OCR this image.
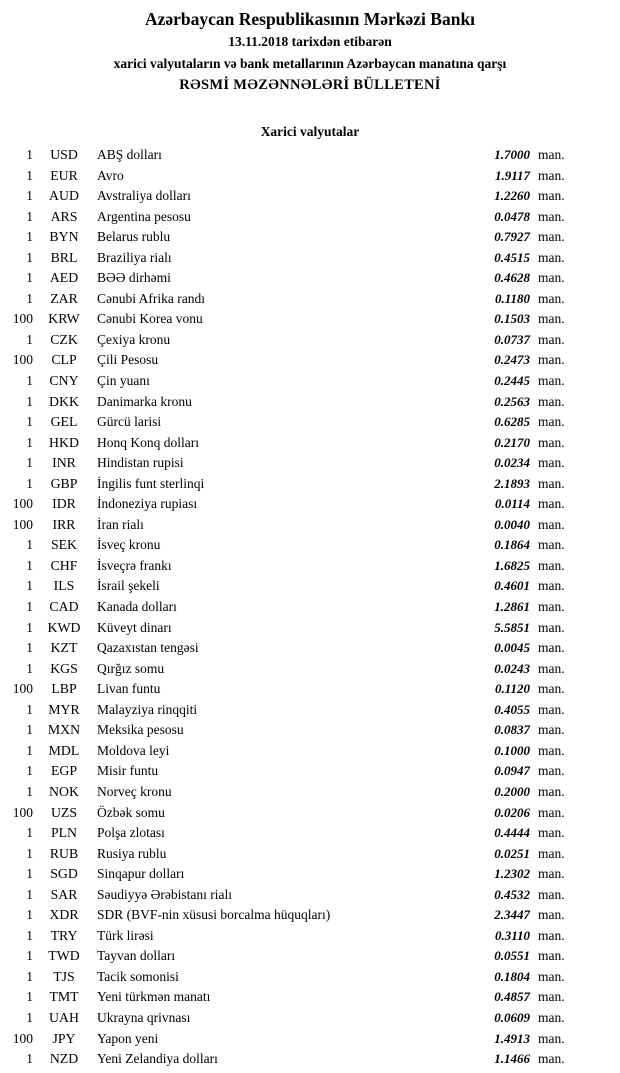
Azərbaycan Respublikasının Mərkəzi Bankı
13.11.2018 tarixdən etibarən
xarici valyutaların və bank metallarının Azərbaycan manatına qarşı
RƏSMİ MƏZƏNNƏLƏRİ BÜLLETENİ
Xarici valyutalar
1	USD	ABŞ dolları	1.7000 man.
1	EUR	Avro	1.9117 man.
1	AUD	Avstraliya dolları	1.2260 man.
1	ARS	Argentina pesosu	0.0478 man.
1	BYN	Belarus rublu	0.7927 man.
1	BRL	Braziliya rialı	0.4515 man.
1	AED	BƏƏ dirhəmi	0.4628 man.
1	ZAR	Cənubi Afrika randı	0.1180 man.
100	KRW	Cənubi Korea vonu	0.1503 man.
1	CZK	Çexiya kronu	0.0737 man.
100	CLP	Çili Pesosu	0.2473 man.
1	CNY	Çin yuanı	0.2445 man.
1	DKK	Danimarka kronu	0.2563 man.
1	GEL	Gürcü larisi	0.6285 man.
1	HKD	Honq Konq dolları	0.2170 man.
1	INR	Hindistan rupisi	0.0234 man.
1	GBP	İngilis funt sterlinqi	2.1893 man.
100	IDR	İndoneziya rupiası	0.0114 man.
100	IRR	İran rialı	0.0040 man.
1	SEK	İsveç kronu	0.1864 man.
1	CHF	İsveçrə frankı	1.6825 man.
1	ILS	İsrail şekeli	0.4601 man.
1	CAD	Kanada dolları	1.2861 man.
1	KWD	Küveyt dinarı	5.5851 man.
1	KZT	Qazaxıstan tengəsi	0.0045 man.
1	KGS	Qırğız somu	0.0243 man.
100	LBP	Livan funtu	0.1120 man.
1	MYR	Malayziya rinqqiti	0.4055 man.
1	MXN	Meksika pesosu	0.0837 man.
1	MDL	Moldova leyi	0.1000 man.
1	EGP	Misir funtu	0.0947 man.
1	NOK	Norveç kronu	0.2000 man.
100	UZS	Özbək somu	0.0206 man.
1	PLN	Polşa zlotası	0.4444 man.
1	RUB	Rusiya rublu	0.0251 man.
1	SGD	Sinqapur dolları	1.2302 man.
1	SAR	Səudiyyə Ərəbistanı rialı	0.4532 man.
1	XDR	SDR (BVF-nin xüsusi borcalma hüquqları)	2.3447 man.
1	TRY	Türk lirəsi	0.3110 man.
1	TWD	Tayvan dolları	0.0551 man.
1	TJS	Tacik somonisi	0.1804 man.
1	TMT	Yeni türkmən manatı	0.4857 man.
1	UAH	Ukrayna qrivnası	0.0609 man.
100	JPY	Yapon yeni	1.4913 man.
1	NZD	Yeni Zelandiya dolları	1.1466 man.
